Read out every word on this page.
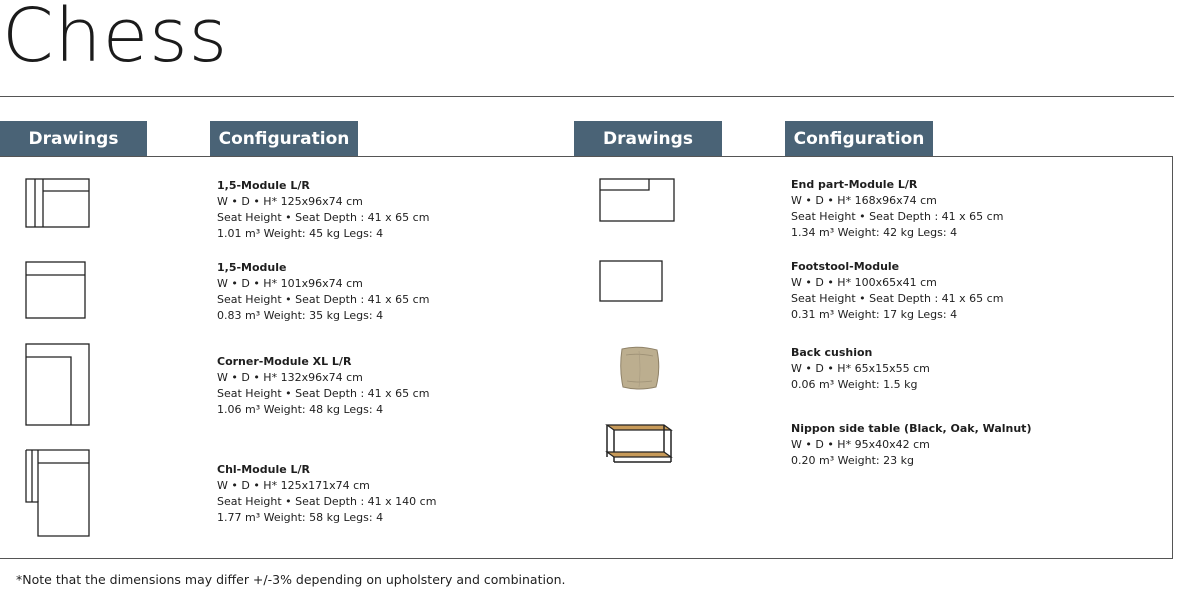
Chess
Drawings	Configuration	Drawings	Configuration
1,5-Module L/R
W • D • H* 125x96x74 cm
Seat Height • Seat Depth : 41 x 65 cm
1.01 m³ Weight: 45 kg Legs: 4
1,5-Module
W • D • H* 101x96x74 cm
Seat Height • Seat Depth : 41 x 65 cm
0.83 m³ Weight: 35 kg Legs: 4
Corner-Module XL L/R
W • D • H* 132x96x74 cm
Seat Height • Seat Depth : 41 x 65 cm
1.06 m³ Weight: 48 kg Legs: 4
Chl-Module L/R
W • D • H* 125x171x74 cm
Seat Height • Seat Depth : 41 x 140 cm
1.77 m³ Weight: 58 kg Legs: 4
End part-Module L/R
W • D • H* 168x96x74 cm
Seat Height • Seat Depth : 41 x 65 cm
1.34 m³ Weight: 42 kg Legs: 4
Footstool-Module
W • D • H* 100x65x41 cm
Seat Height • Seat Depth : 41 x 65 cm
0.31 m³ Weight: 17 kg Legs: 4
Back cushion
W • D • H* 65x15x55 cm
0.06 m³ Weight: 1.5 kg
Nippon side table (Black, Oak, Walnut)
W • D • H* 95x40x42 cm
0.20 m³ Weight: 23 kg
*Note that the dimensions may differ +/-3% depending on upholstery and combination.
